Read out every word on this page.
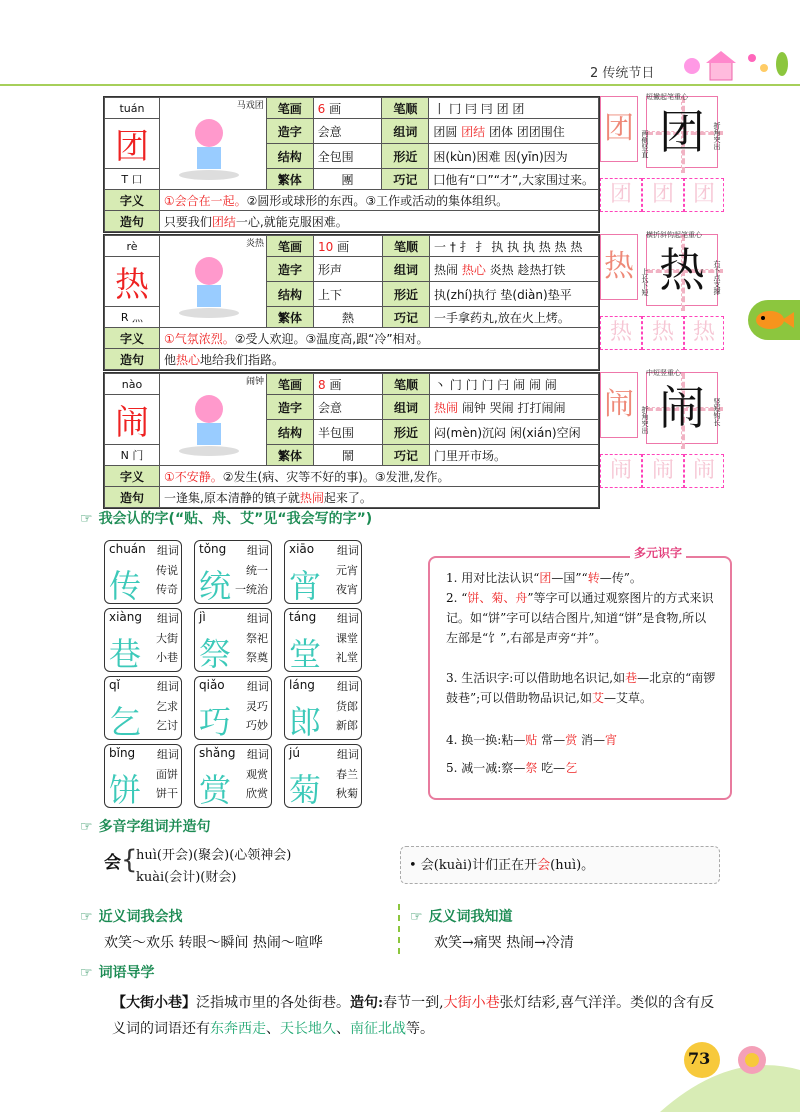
2 传统节日
tuán	马戏团	笔画	6 画	笔顺	丨 冂 冃 冃 团 团
团		造字	会意	组词	团圆 团结 团体 团团围住
		结构	全包围	形近	困(kùn)困难 因(yīn)因为
T 口		繁体	團	巧记	囗他有“口”“才”,大家围过来。
字义	①会合在一起。②圆形或球形的东西。③工作或活动的集体组织。				
造句	只要我们团结一心,就能克服困难。				
团 团
短撇起笔重心
两侧竖直	折角突出
团 团 团
rè	炎热	笔画	10 画	笔顺	一 † 扌 扌 执 执 执 热 热 热
热		造字	形声	组词	热闹 热心 炎热 趁热打铁
		结构	上下	形近	执(zhí)执行 垫(diàn)垫平
R 灬		繁体	熱	巧记	一手拿药丸,放在火上烤。
字义	①气氛浓烈。②受人欢迎。③温度高,跟“冷”相对。				
造句	他热心地给我们指路。				
热 热
横折斜钩起笔重心
上长下短	右下点支撑
热 热 热
nào	闹钟	笔画	8 画	笔顺	丶 门 门 门 闩 闹 闹 闹
闹		造字	会意	组词	热闹 闹钟 哭闹 打打闹闹
		结构	半包围	形近	闷(mèn)沉闷 闲(xián)空闲
N 门		繁体	鬧	巧记	门里开市场。
字义	①不安静。②发生(病、灾等不好的事)。③发泄,发作。				
造句	一逢集,原本清静的镇子就热闹起来了。				
闹 闹
中短竖重心
折角突出	竖短钩长
闹 闹 闹
☞ 我会认的字(“贴、舟、艾”见“我会写的字”)
chuán 组词
传 传说
传奇
tǒng 组词
统 统一
一统治
xiāo 组词
宵 元宵
夜宵
xiàng 组词
巷 大街
小巷
jì	组词
祭 祭祀
祭奠
táng 组词
堂 课堂
礼堂
qǐ	组词
乞 乞求
乞讨
qiǎo 组词
巧 灵巧
巧妙
láng 组词
郎 货郎
新郎
bǐng 组词
饼 面饼
饼干
shǎng 组词
赏 观赏
欣赏
jú	组词
菊 春兰
秋菊
1. 用对比法认识“团—国”“转—传”。
2. “饼、菊、舟”等字可以通过观察图片的方式来识记。如“饼”字可以结合图片,知道“饼”是食物,所以左部是“饣”,右部是声旁“并”。
3. 生活识字:可以借助地名识记,如巷—北京的“南锣鼓巷”;可以借助物品识记,如艾—艾草。
4. 换一换:粘—贴 常—赏 消—宵
5. 减一减:察—祭 吃—乞
多元识字
☞ 多音字组词并造句
会 {
huì(开会)(聚会)(心领神会)
kuài(会计)(财会)
• 会(kuài)计们正在开会(huì)。
☞ 近义词我会找
欢笑～欢乐 转眼～瞬间 热闹～喧哗
☞ 反义词我知道
欢笑→痛哭 热闹→冷清
☞ 词语导学
【大街小巷】泛指城市里的各处街巷。造句:春节一到,大街小巷张灯结彩,喜气洋洋。类似的含有反义词的词语还有东奔西走、天长地久、南征北战等。
73
